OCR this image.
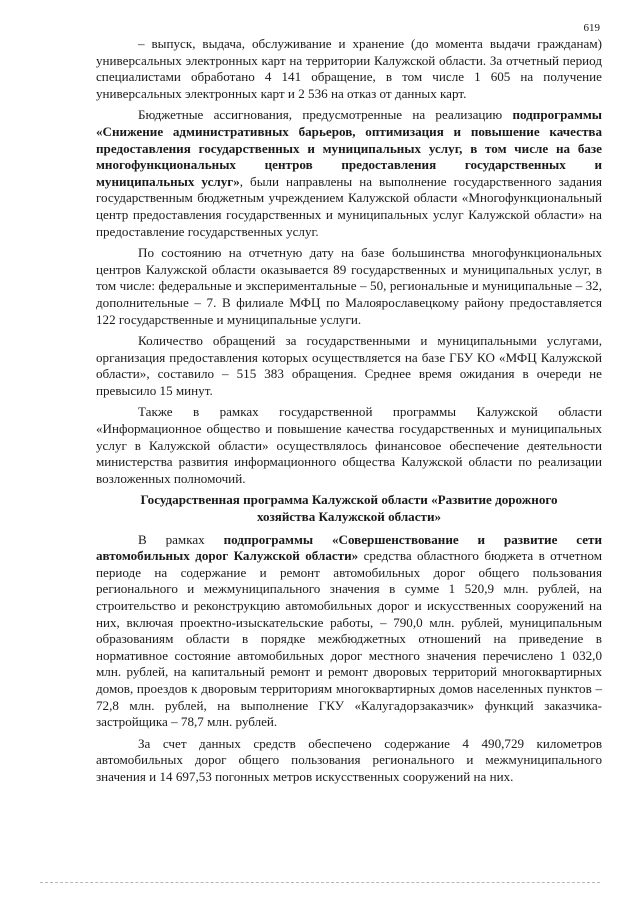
619

– выпуск, выдача, обслуживание и хранение (до момента выдачи гражданам) универсальных электронных карт на территории Калужской области. За отчетный период специалистами обработано 4 141 обращение, в том числе 1 605 на получение универсальных электронных карт и 2 536 на отказ от данных карт.

Бюджетные ассигнования, предусмотренные на реализацию подпрограммы «Снижение административных барьеров, оптимизация и повышение качества предоставления государственных и муниципальных услуг, в том числе на базе многофункциональных центров предоставления государственных и муниципальных услуг», были направлены на выполнение государственного задания государственным бюджетным учреждением Калужской области «Многофункциональный центр предоставления государственных и муниципальных услуг Калужской области» на предоставление государственных услуг.

По состоянию на отчетную дату на базе большинства многофункциональных центров Калужской области оказывается 89 государственных и муниципальных услуг, в том числе: федеральные и экспериментальные – 50, региональные и муниципальные – 32, дополнительные – 7. В филиале МФЦ по Малоярославецкому району предоставляется 122 государственные и муниципальные услуги.

Количество обращений за государственными и муниципальными услугами, организация предоставления которых осуществляется на базе ГБУ КО «МФЦ Калужской области», составило – 515 383 обращения. Среднее время ожидания в очереди не превысило 15 минут.

Также в рамках государственной программы Калужской области «Информационное общество и повышение качества государственных и муниципальных услуг в Калужской области» осуществлялось финансовое обеспечение деятельности министерства развития информационного общества Калужской области по реализации возложенных полномочий.

Государственная программа Калужской области «Развитие дорожного хозяйства Калужской области»

В рамках подпрограммы «Совершенствование и развитие сети автомобильных дорог Калужской области» средства областного бюджета в отчетном периоде на содержание и ремонт автомобильных дорог общего пользования регионального и межмуниципального значения в сумме 1 520,9 млн. рублей, на строительство и реконструкцию автомобильных дорог и искусственных сооружений на них, включая проектно-изыскательские работы, – 790,0 млн. рублей, муниципальным образованиям области в порядке межбюджетных отношений на приведение в нормативное состояние автомобильных дорог местного значения перечислено 1 032,0 млн. рублей, на капитальный ремонт и ремонт дворовых территорий многоквартирных домов, проездов к дворовым территориям многоквартирных домов населенных пунктов – 72,8 млн. рублей, на выполнение ГКУ «Калугадорзаказчик» функций заказчика-застройщика – 78,7 млн. рублей.

За счет данных средств обеспечено содержание 4 490,729 километров автомобильных дорог общего пользования регионального и межмуниципального значения и 14 697,53 погонных метров искусственных сооружений на них.
